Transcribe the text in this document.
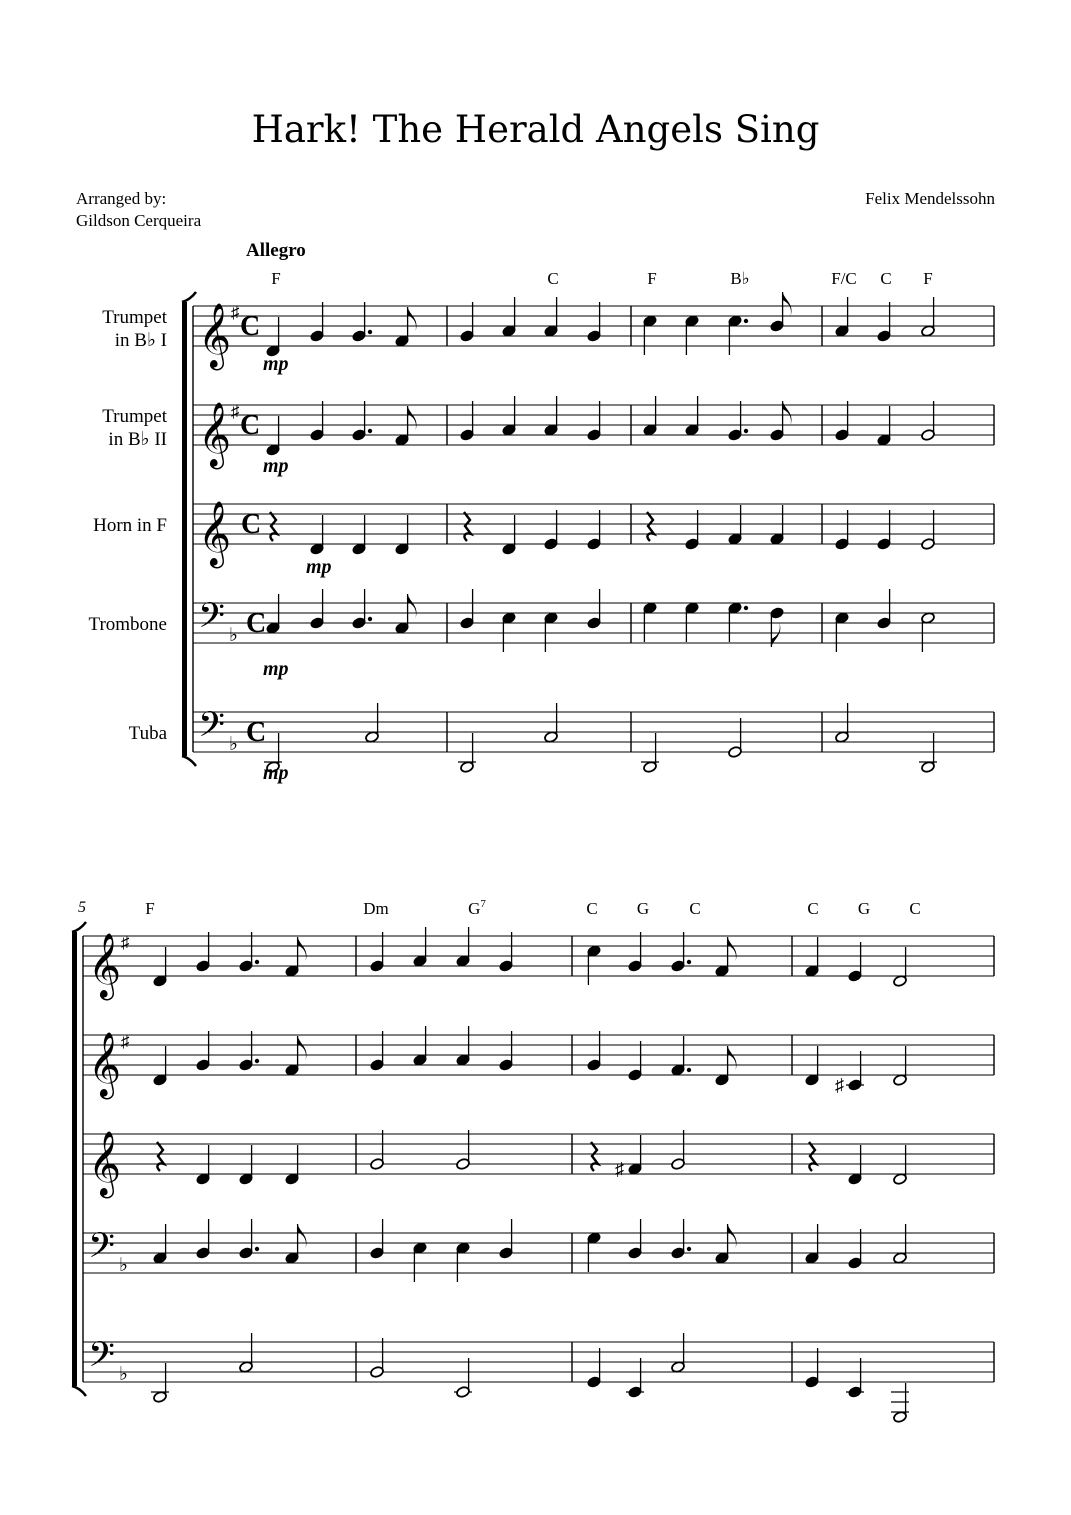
Hark! The Herald Angels Sing
Arranged by:
Gildson Cerqueira
Felix Mendelssohn
Allegro
Trumpet
in B♭ I
Trumpet
in B♭ II
Horn in F
Trombone
Tuba
F	C	F	B♭	F/C C F
F	Dm	$G^7$	C G C	C G C
5
𝄞 ♯ C
𝄞 ♯ C
𝄞 C
𝄢 ♭ C
𝄢 ♭ C
𝄞 ♯
𝄞 ♯
𝄞
𝄢 ♭
𝄢 ♭
mp
mp
mp
mp
mp
♯
♯
